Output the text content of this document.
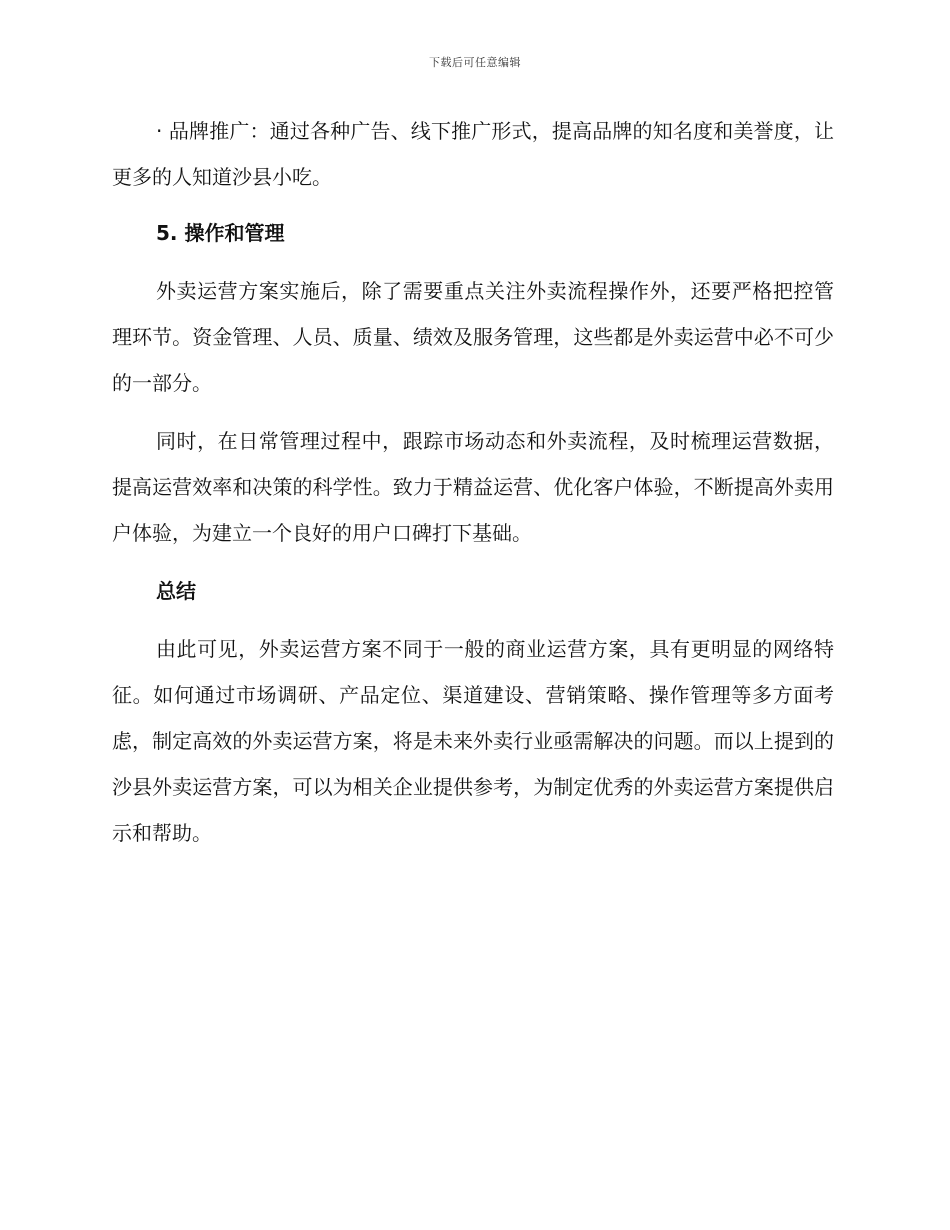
下载后可任意编辑

· 品牌推广：通过各种广告、线下推广形式，提高品牌的知名度和美誉度，让更多的人知道沙县小吃。

5. 操作和管理

外卖运营方案实施后，除了需要重点关注外卖流程操作外，还要严格把控管理环节。资金管理、人员、质量、绩效及服务管理，这些都是外卖运营中必不可少的一部分。

同时，在日常管理过程中，跟踪市场动态和外卖流程，及时梳理运营数据，提高运营效率和决策的科学性。致力于精益运营、优化客户体验，不断提高外卖用户体验，为建立一个良好的用户口碑打下基础。

总结

由此可见，外卖运营方案不同于一般的商业运营方案，具有更明显的网络特征。如何通过市场调研、产品定位、渠道建设、营销策略、操作管理等多方面考虑，制定高效的外卖运营方案，将是未来外卖行业亟需解决的问题。而以上提到的沙县外卖运营方案，可以为相关企业提供参考，为制定优秀的外卖运营方案提供启示和帮助。
